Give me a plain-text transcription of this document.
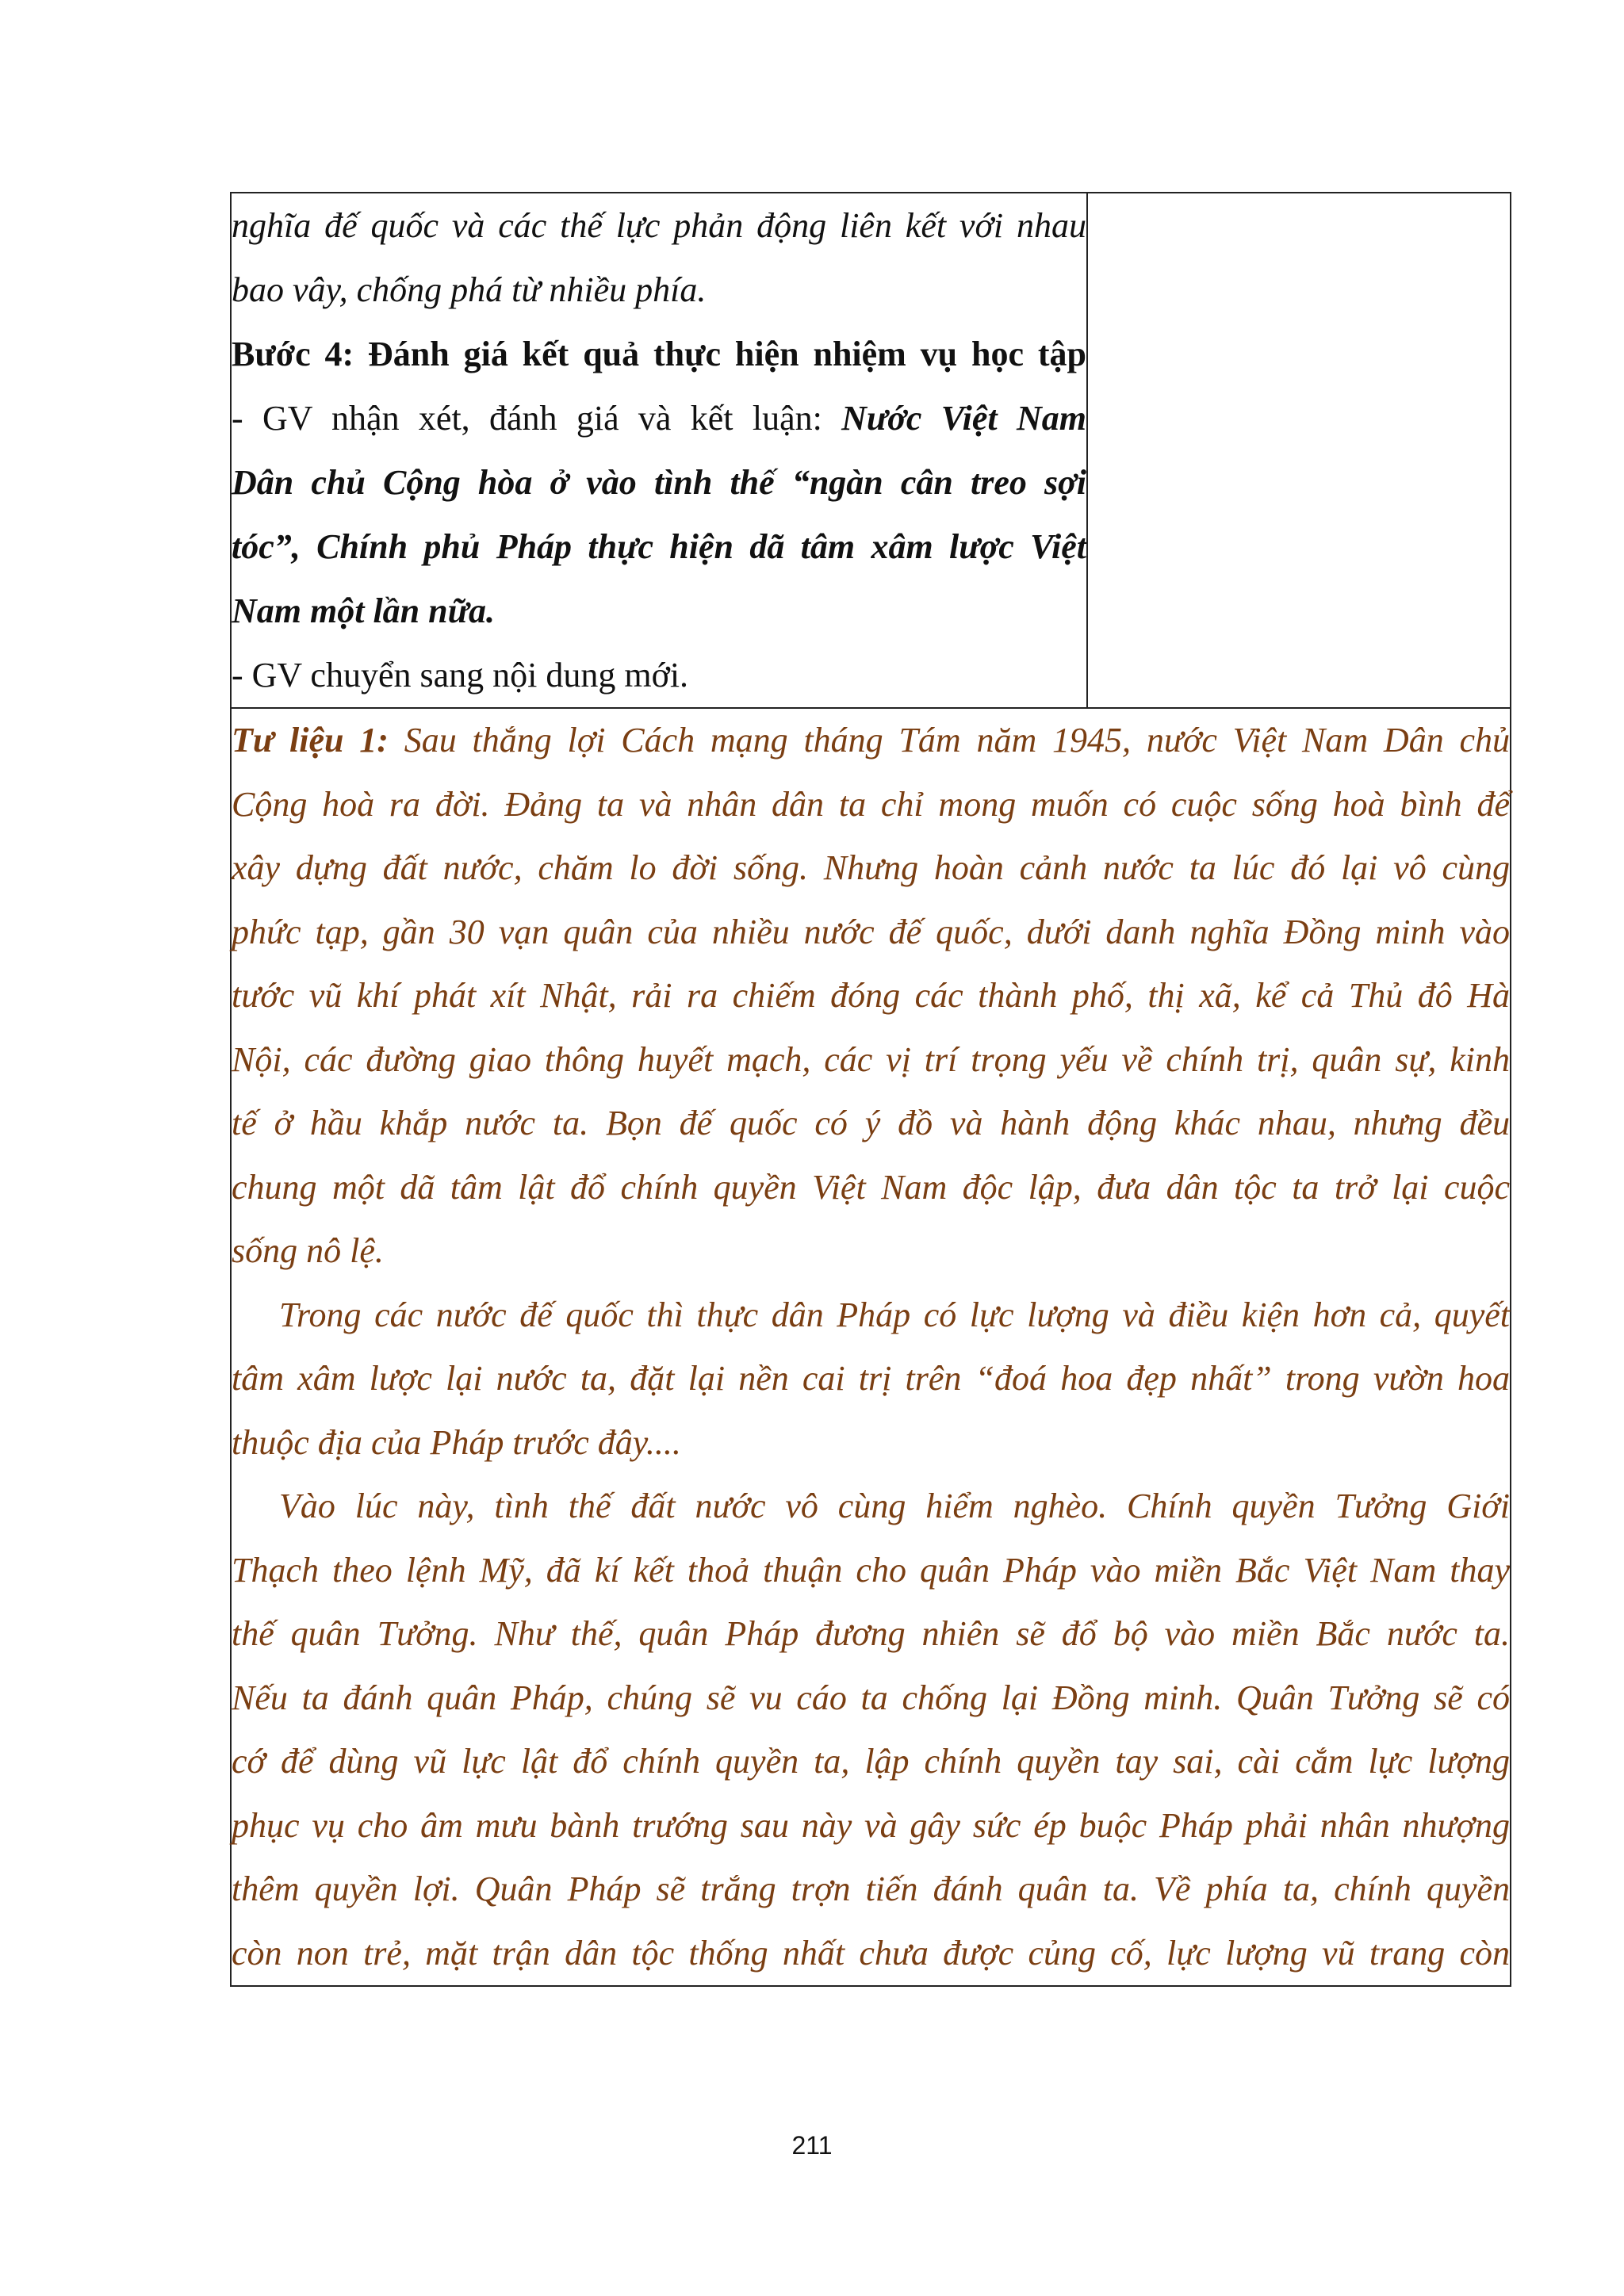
nghĩa đế quốc và các thế lực phản động liên kết với nhau
bao vây, chống phá từ nhiều phía.
Bước 4: Đánh giá kết quả thực hiện nhiệm vụ học tập
- GV nhận xét, đánh giá và kết luận: Nước Việt Nam
Dân chủ Cộng hòa ở vào tình thế “ngàn cân treo sợi
tóc”, Chính phủ Pháp thực hiện dã tâm xâm lược Việt
Nam một lần nữa.
- GV chuyển sang nội dung mới.

Tư liệu 1: Sau thắng lợi Cách mạng tháng Tám năm 1945, nước Việt Nam Dân chủ
Cộng hoà ra đời. Đảng ta và nhân dân ta chỉ mong muốn có cuộc sống hoà bình để
xây dựng đất nước, chăm lo đời sống. Nhưng hoàn cảnh nước ta lúc đó lại vô cùng
phức tạp, gần 30 vạn quân của nhiều nước đế quốc, dưới danh nghĩa Đồng minh vào
tước vũ khí phát xít Nhật, rải ra chiếm đóng các thành phố, thị xã, kể cả Thủ đô Hà
Nội, các đường giao thông huyết mạch, các vị trí trọng yếu về chính trị, quân sự, kinh
tế ở hầu khắp nước ta. Bọn đế quốc có ý đồ và hành động khác nhau, nhưng đều
chung một dã tâm lật đổ chính quyền Việt Nam độc lập, đưa dân tộc ta trở lại cuộc
sống nô lệ.
Trong các nước đế quốc thì thực dân Pháp có lực lượng và điều kiện hơn cả, quyết
tâm xâm lược lại nước ta, đặt lại nền cai trị trên “đoá hoa đẹp nhất” trong vườn hoa
thuộc địa của Pháp trước đây....
Vào lúc này, tình thế đất nước vô cùng hiểm nghèo. Chính quyền Tưởng Giới
Thạch theo lệnh Mỹ, đã kí kết thoả thuận cho quân Pháp vào miền Bắc Việt Nam thay
thế quân Tưởng. Như thế, quân Pháp đương nhiên sẽ đổ bộ vào miền Bắc nước ta.
Nếu ta đánh quân Pháp, chúng sẽ vu cáo ta chống lại Đồng minh. Quân Tưởng sẽ có
cớ để dùng vũ lực lật đổ chính quyền ta, lập chính quyền tay sai, cài cắm lực lượng
phục vụ cho âm mưu bành trướng sau này và gây sức ép buộc Pháp phải nhân nhượng
thêm quyền lợi. Quân Pháp sẽ trắng trợn tiến đánh quân ta. Về phía ta, chính quyền
còn non trẻ, mặt trận dân tộc thống nhất chưa được củng cố, lực lượng vũ trang còn
211
